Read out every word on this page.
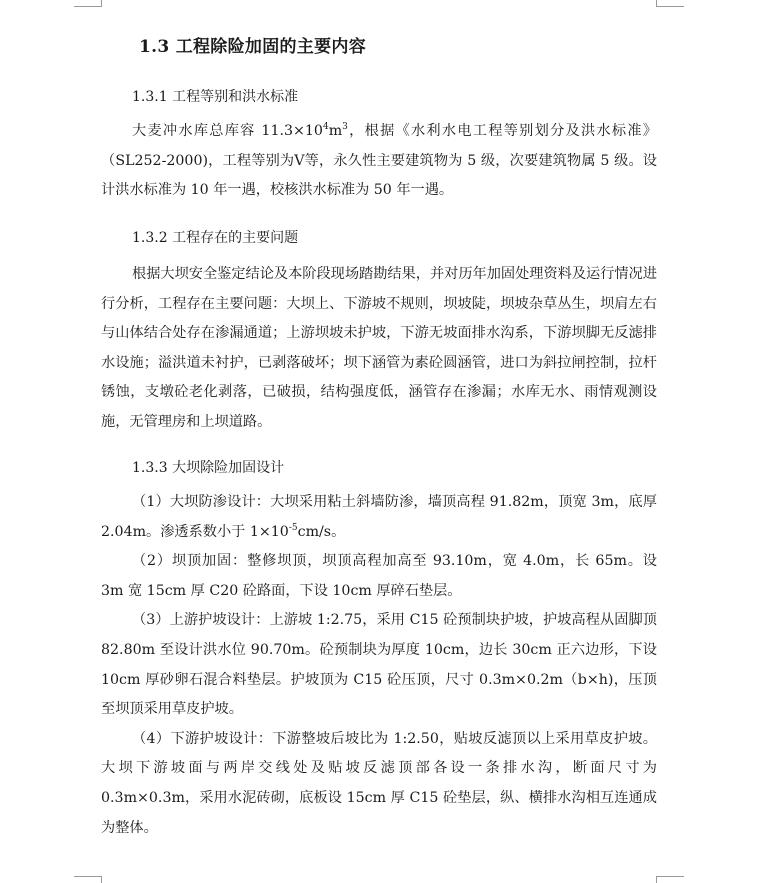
1.3 工程除险加固的主要内容
1.3.1 工程等别和洪水标准

大麦冲水库总库容 $11.3\times 10^4m^3$，根据《水利水电工程等别划分及洪水标准》（SL252-2000)，工程等别为Ⅴ等，永久性主要建筑物为 5 级，次要建筑物属 5 级。设计洪水标准为 10 年一遇，校核洪水标准为 50 年一遇。

1.3.2 工程存在的主要问题

根据大坝安全鉴定结论及本阶段现场踏勘结果，并对历年加固处理资料及运行情况进行分析，工程存在主要问题：大坝上、下游坡不规则，坝坡陡，坝坡杂草丛生，坝肩左右与山体结合处存在渗漏通道；上游坝坡未护坡，下游无坡面排水沟系，下游坝脚无反滤排水设施；溢洪道未衬护，已剥落破坏；坝下涵管为素砼圆涵管，进口为斜拉闸控制，拉杆锈蚀，支墩砼老化剥落，已破损，结构强度低，涵管存在渗漏；水库无水、雨情观测设施，无管理房和上坝道路。

1.3.3 大坝除险加固设计

（1）大坝防渗设计：大坝采用粘土斜墙防渗，墙顶高程 91.82m，顶宽 3m，底厚 2.04m。渗透系数小于 $1\times 10^{-5}cm/s$。

（2）坝顶加固：整修坝顶，坝顶高程加高至 93.10m，宽 4.0m，长 65m。设 3m 宽 15cm 厚 C20 砼路面，下设 10cm 厚碎石垫层。

（3）上游护坡设计：上游坡 1:2.75，采用 C15 砼预制块护坡，护坡高程从固脚顶 82.80m 至设计洪水位 90.70m。砼预制块为厚度 10cm，边长 30cm 正六边形，下设 10cm 厚砂卵石混合料垫层。护坡顶为 C15 砼压顶，尺寸 0.3m×0.2m（b×h)，压顶至坝顶采用草皮护坡。

（4）下游护坡设计：下游整坡后坡比为 1:2.50，贴坡反滤顶以上采用草皮护坡。大坝下游坡面与两岸交线处及贴坡反滤顶部各设一条排水沟，断面尺寸为 0.3m×0.3m，采用水泥砖砌，底板设 15cm 厚 C15 砼垫层，纵、横排水沟相互连通成为整体。
